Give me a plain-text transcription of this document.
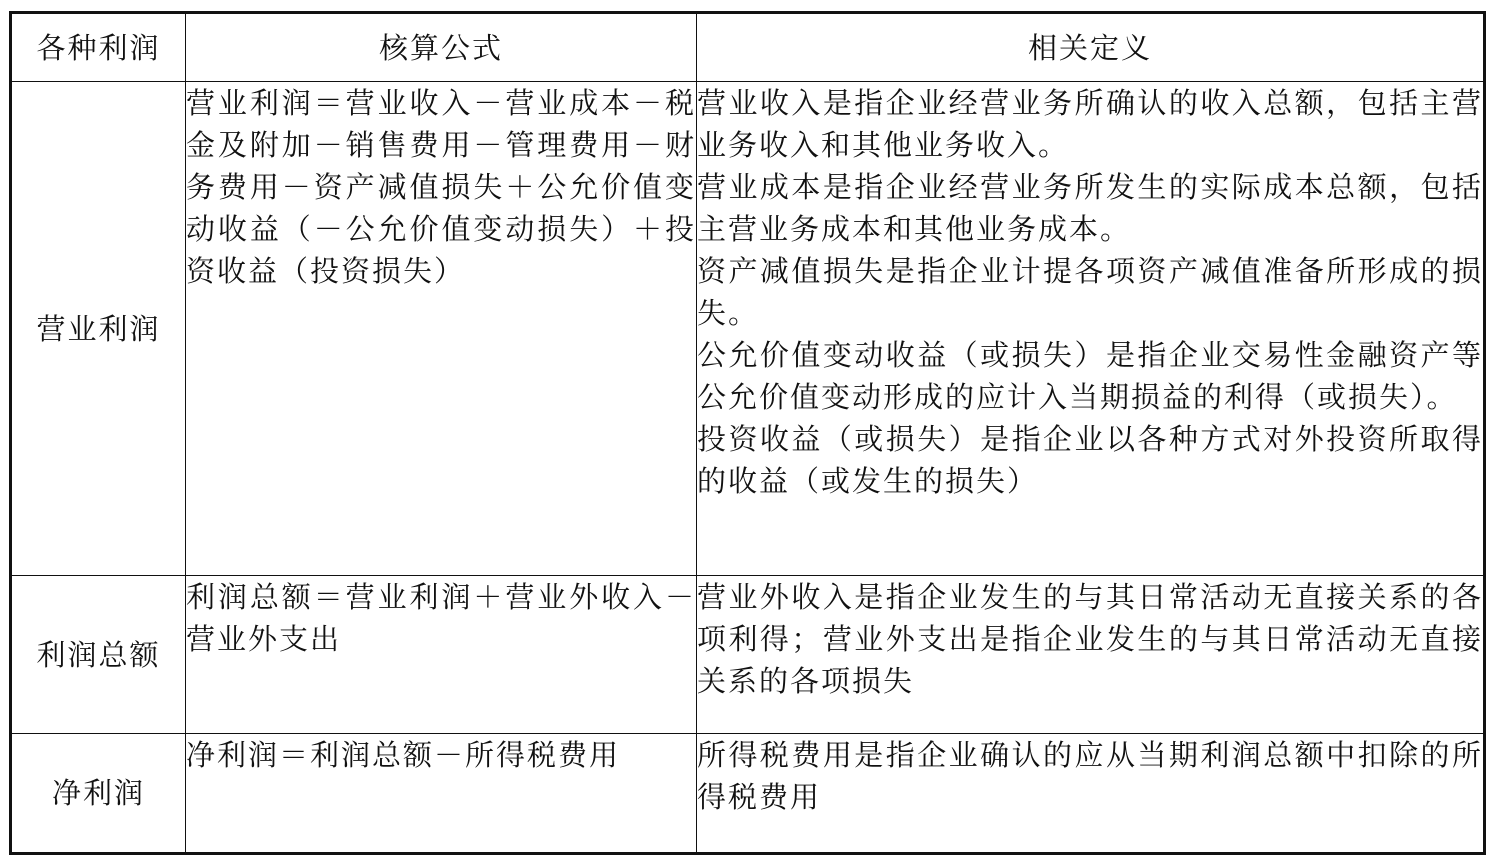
各种利润	核算公式	相关定义
营业利润	营业利润＝营业收入－营业成本－税金及附加－销售费用－管理费用－财务费用－资产减值损失＋公允价值变动收益（－公允价值变动损失）＋投资收益（投资损失）	营业收入是指企业经营业务所确认的收入总额，包括主营业务收入和其他业务收入。
营业成本是指企业经营业务所发生的实际成本总额，包括主营业务成本和其他业务成本。
资产减值损失是指企业计提各项资产减值准备所形成的损失。
公允价值变动收益（或损失）是指企业交易性金融资产等公允价值变动形成的应计入当期损益的利得（或损失）。
投资收益（或损失）是指企业以各种方式对外投资所取得的收益（或发生的损失）

利润总额	利润总额＝营业利润＋营业外收入－营业外支出	营业外收入是指企业发生的与其日常活动无直接关系的各项利得；营业外支出是指企业发生的与其日常活动无直接关系的各项损失

净利润	净利润＝利润总额－所得税费用	所得税费用是指企业确认的应从当期利润总额中扣除的所得税费用
